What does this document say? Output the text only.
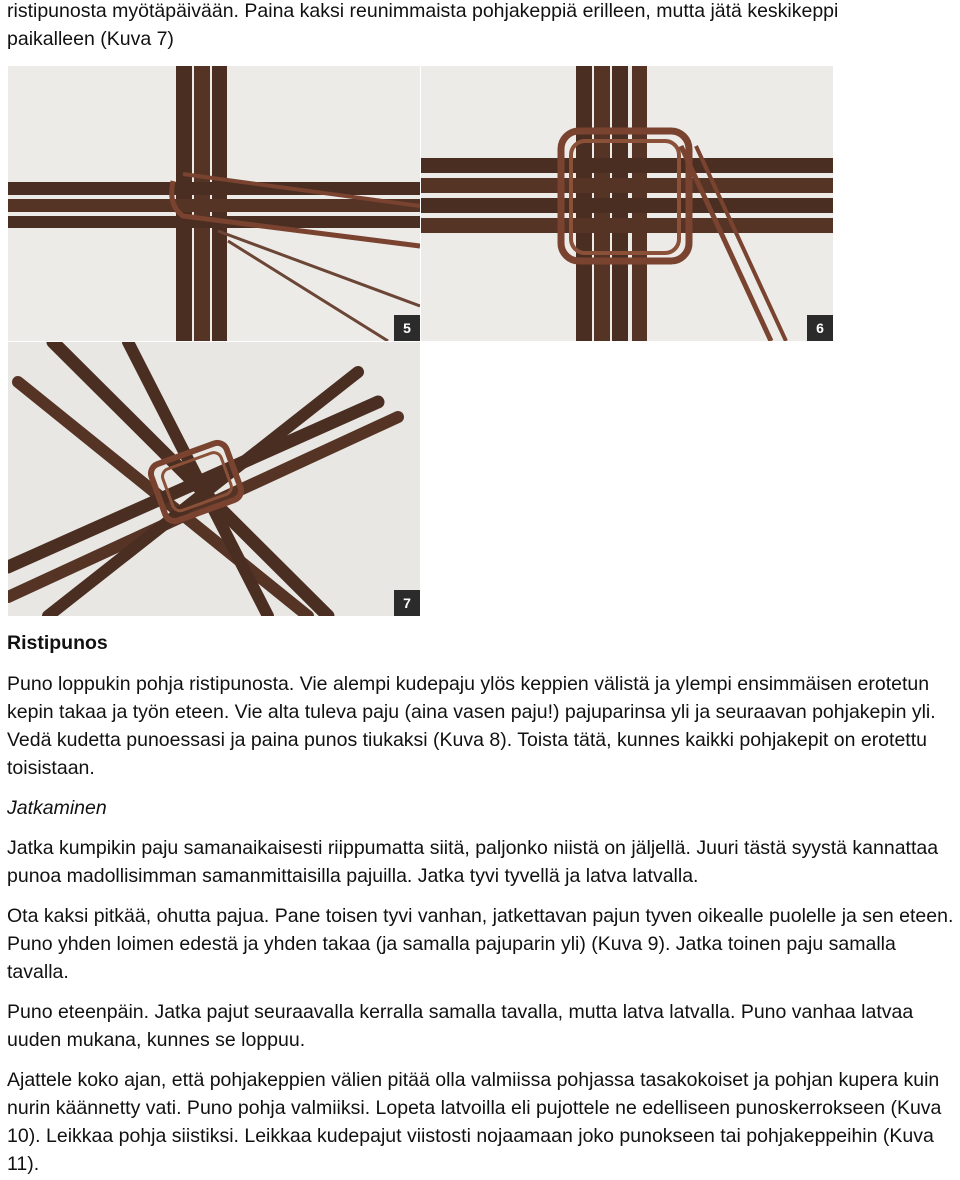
ristipunosta myötäpäivään. Paina kaksi reunimmaista pohjakeppiä erilleen, mutta jätä keskikeppi
paikalleen (Kuva 7)

5	6
7

Ristipunos

Puno loppukin pohja ristipunosta. Vie alempi kudepaju ylös keppien välistä ja ylempi ensimmäisen erotetun kepin takaa ja työn eteen. Vie alta tuleva paju (aina vasen paju!) pajuparinsa yli ja seuraavan pohjakepin yli. Vedä kudetta punoessasi ja paina punos tiukaksi (Kuva 8). Toista tätä, kunnes kaikki pohjakepit on erotettu toisistaan.

Jatkaminen

Jatka kumpikin paju samanaikaisesti riippumatta siitä, paljonko niistä on jäljellä. Juuri tästä syystä kannattaa punoa madollisimman samanmittaisilla pajuilla. Jatka tyvi tyvellä ja latva latvalla.

Ota kaksi pitkää, ohutta pajua. Pane toisen tyvi vanhan, jatkettavan pajun tyven oikealle puolelle ja sen eteen. Puno yhden loimen edestä ja yhden takaa (ja samalla pajuparin yli) (Kuva 9). Jatka toinen paju samalla tavalla.

Puno eteenpäin. Jatka pajut seuraavalla kerralla samalla tavalla, mutta latva latvalla. Puno vanhaa latvaa uuden mukana, kunnes se loppuu.

Ajattele koko ajan, että pohjakeppien välien pitää olla valmiissa pohjassa tasakokoiset ja pohjan kupera kuin nurin käännetty vati. Puno pohja valmiiksi. Lopeta latvoilla eli pujottele ne edelliseen punoskerrokseen (Kuva 10). Leikkaa pohja siistiksi. Leikkaa kudepajut viistosti nojaamaan joko punokseen tai pohjakeppeihin (Kuva 11).
